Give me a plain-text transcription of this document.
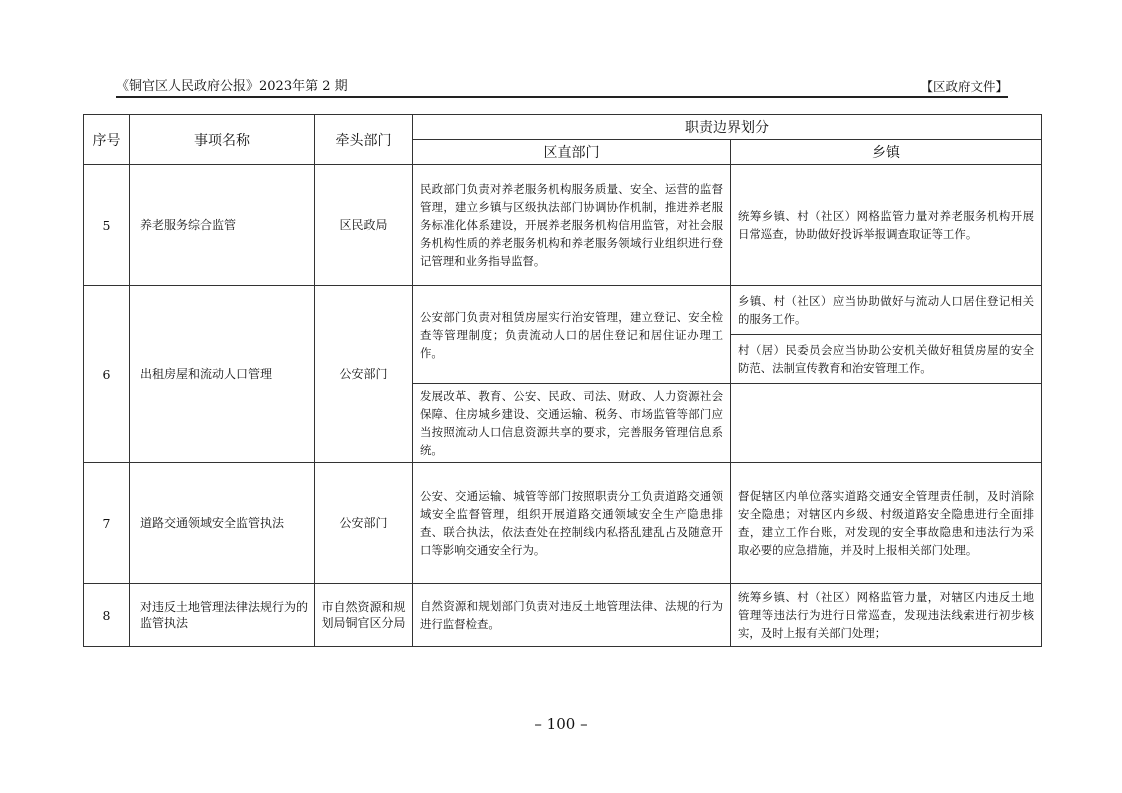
《铜官区人民政府公报》2023年第 2 期	【区政府文件】
序号	事项名称	牵头部门	职责边界划分	
			区直部门	乡镇
5	养老服务综合监管	区民政局	民政部门负责对养老服务机构服务质量、安全、运营的监督管理，建立乡镇与区级执法部门协调协作机制，推进养老服务标准化体系建设，开展养老服务机构信用监管，对社会服务机构性质的养老服务机构和养老服务领域行业组织进行登记管理和业务指导监督。	统筹乡镇、村（社区）网格监管力量对养老服务机构开展日常巡查，协助做好投诉举报调查取证等工作。
6	出租房屋和流动人口管理	公安部门	公安部门负责对租赁房屋实行治安管理，建立登记、安全检查等管理制度；负责流动人口的居住登记和居住证办理工作。	乡镇、村（社区）应当协助做好与流动人口居住登记相关的服务工作。
				村（居）民委员会应当协助公安机关做好租赁房屋的安全防范、法制宣传教育和治安管理工作。
			发展改革、教育、公安、民政、司法、财政、人力资源社会保障、住房城乡建设、交通运输、税务、市场监管等部门应当按照流动人口信息资源共享的要求，完善服务管理信息系统。	
7	道路交通领域安全监管执法	公安部门	公安、交通运输、城管等部门按照职责分工负责道路交通领域安全监督管理，组织开展道路交通领域安全生产隐患排查、联合执法，依法查处在控制线内私搭乱建乱占及随意开口等影响交通安全行为。	督促辖区内单位落实道路交通安全管理责任制，及时消除安全隐患；对辖区内乡级、村级道路安全隐患进行全面排查，建立工作台账，对发现的安全事故隐患和违法行为采取必要的应急措施，并及时上报相关部门处理。
8	对违反土地管理法律法规行为的监管执法	市自然资源和规划局铜官区分局	自然资源和规划部门负责对违反土地管理法律、法规的行为进行监督检查。	统筹乡镇、村（社区）网格监管力量，对辖区内违反土地管理等违法行为进行日常巡查，发现违法线索进行初步核实，及时上报有关部门处理；
– 100 –
